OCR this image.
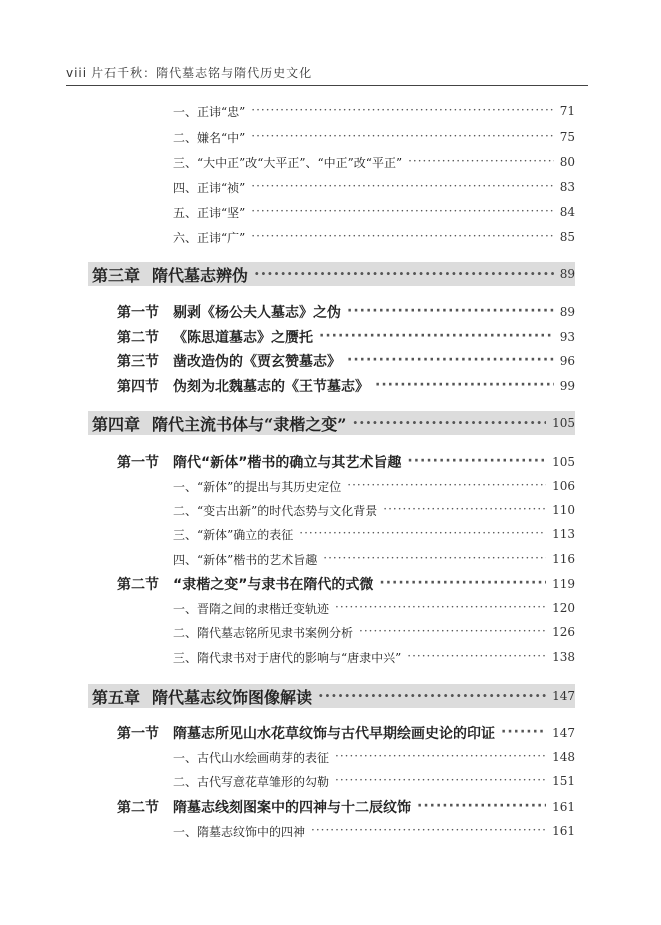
viii 片石千秋：隋代墓志铭与隋代历史文化
一、正讳“忠” ·····	71
二、嫌名“中” ·····	75
三、“大中正”改“大平正”、“中正”改“平正” ·····	80
四、正讳“祯” ·····	83
五、正讳“坚” ·····	84
六、正讳“广” ·····	85
第三章 隋代墓志辨伪 ·····	89
第一节 剔剥《杨公夫人墓志》之伪 ·····	89
第二节 《陈思道墓志》之赝托 ·····	93
第三节 凿改造伪的《贾玄赞墓志》 ·····	96
第四节 伪刻为北魏墓志的《王节墓志》 ·····	99
第四章 隋代主流书体与“隶楷之变” ·····	105
第一节 隋代“新体”楷书的确立与其艺术旨趣 ·····	105
一、“新体”的提出与其历史定位 ·····	106
二、“变古出新”的时代态势与文化背景 ·····	110
三、“新体”确立的表征 ·····	113
四、“新体”楷书的艺术旨趣 ·····	116
第二节 “隶楷之变”与隶书在隋代的式微 ·····	119
一、晋隋之间的隶楷迁变轨迹 ·····	120
二、隋代墓志铭所见隶书案例分析 ·····	126
三、隋代隶书对于唐代的影响与“唐隶中兴” ·····	138
第五章 隋代墓志纹饰图像解读 ·····	147
第一节 隋墓志所见山水花草纹饰与古代早期绘画史论的印证 ·····	147
一、古代山水绘画萌芽的表征 ·····	148
二、古代写意花草雏形的勾勒 ·····	151
第二节 隋墓志线刻图案中的四神与十二辰纹饰 ·····	161
一、隋墓志纹饰中的四神 ·····	161
